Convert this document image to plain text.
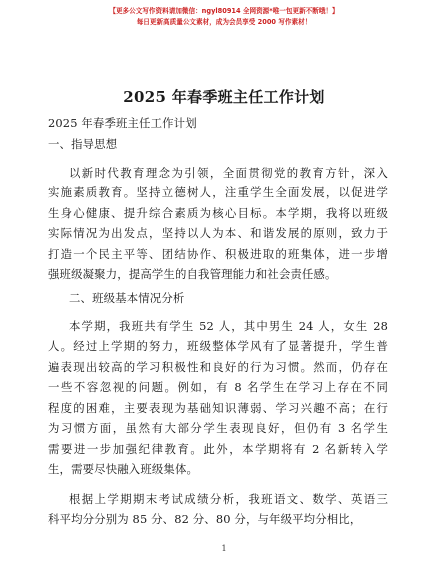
【更多公文写作资料请加微信：ngyl80914 全网资源*唯一包更新不断哦！】
每日更新高质量公文素材，成为会员享受 2000 写作素材！
2025 年春季班主任工作计划
2025 年春季班主任工作计划
一、指导思想
以新时代教育理念为引领，全面贯彻党的教育方针，深入
实施素质教育。坚持立德树人，注重学生全面发展，以促进学
生身心健康、提升综合素质为核心目标。本学期，我将以班级
实际情况为出发点，坚持以人为本、和谐发展的原则，致力于
打造一个民主平等、团结协作、积极进取的班集体，进一步增
强班级凝聚力，提高学生的自我管理能力和社会责任感。
二、班级基本情况分析
本学期，我班共有学生 52 人，其中男生 24 人，女生 28
人。经过上学期的努力，班级整体学风有了显著提升，学生普
遍表现出较高的学习积极性和良好的行为习惯。然而，仍存在
一些不容忽视的问题。例如，有 8 名学生在学习上存在不同
程度的困难，主要表现为基础知识薄弱、学习兴趣不高；在行
为习惯方面，虽然有大部分学生表现良好，但仍有 3 名学生
需要进一步加强纪律教育。此外，本学期将有 2 名新转入学
生，需要尽快融入班级集体。
根据上学期期末考试成绩分析，我班语文、数学、英语三
科平均分分别为 85 分、82 分、80 分，与年级平均分相比，
1
